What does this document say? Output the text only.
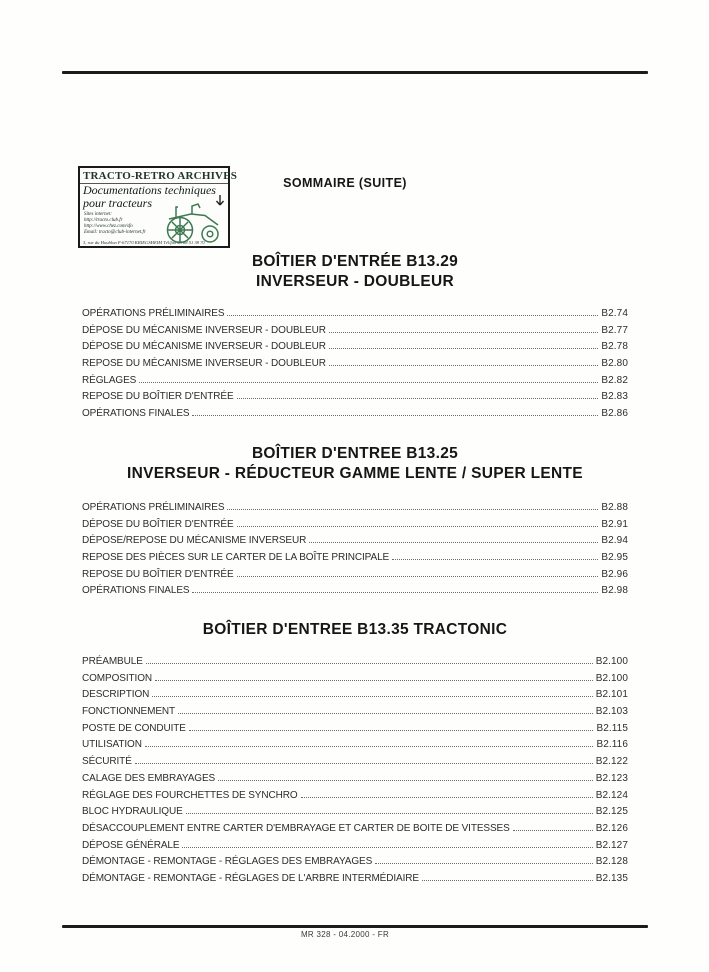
TRACTO-RETRO ARCHIVES
Documentations techniques
pour tracteurs
Sites internet:
http://tracto.club.fr
http://www.chez.com/sfo
Email: tracto@club-internet.fr
3, rue du Houblon F-67170 KRIEGSHEIM Tél/fax 03 88 51 38 70
SOMMAIRE (SUITE)
BOÎTIER D'ENTRÉE B13.29
INVERSEUR - DOUBLEUR
OPÉRATIONS PRÉLIMINAIRES	B2.74
DÉPOSE DU MÉCANISME INVERSEUR - DOUBLEUR	B2.77
DÉPOSE DU MÉCANISME INVERSEUR - DOUBLEUR	B2.78
REPOSE DU MÉCANISME INVERSEUR - DOUBLEUR	B2.80
RÉGLAGES	B2.82
REPOSE DU BOÎTIER D'ENTRÉE	B2.83
OPÉRATIONS FINALES	B2.86
BOÎTIER D'ENTREE B13.25
INVERSEUR - RÉDUCTEUR GAMME LENTE / SUPER LENTE
OPÉRATIONS PRÉLIMINAIRES	B2.88
DÉPOSE DU BOÎTIER D'ENTRÉE	B2.91
DÉPOSE/REPOSE DU MÉCANISME INVERSEUR	B2.94
REPOSE DES PIÈCES SUR LE CARTER DE LA BOÎTE PRINCIPALE	B2.95
REPOSE DU BOÎTIER D'ENTRÉE	B2.96
OPÉRATIONS FINALES	B2.98
BOÎTIER D'ENTREE B13.35 TRACTONIC
PRÉAMBULE	B2.100
COMPOSITION	B2.100
DESCRIPTION	B2.101
FONCTIONNEMENT	B2.103
POSTE DE CONDUITE	B2.115
UTILISATION	B2.116
SÉCURITÉ	B2.122
CALAGE DES EMBRAYAGES	B2.123
RÉGLAGE DES FOURCHETTES DE SYNCHRO	B2.124
BLOC HYDRAULIQUE	B2.125
DÉSACCOUPLEMENT ENTRE CARTER D'EMBRAYAGE ET CARTER DE BOITE DE VITESSES	B2.126
DÉPOSE GÉNÉRALE	B2.127
DÉMONTAGE - REMONTAGE - RÉGLAGES DES EMBRAYAGES	B2.128
DÉMONTAGE - REMONTAGE - RÉGLAGES DE L'ARBRE INTERMÉDIAIRE	B2.135
MR 328 - 04.2000 - FR
